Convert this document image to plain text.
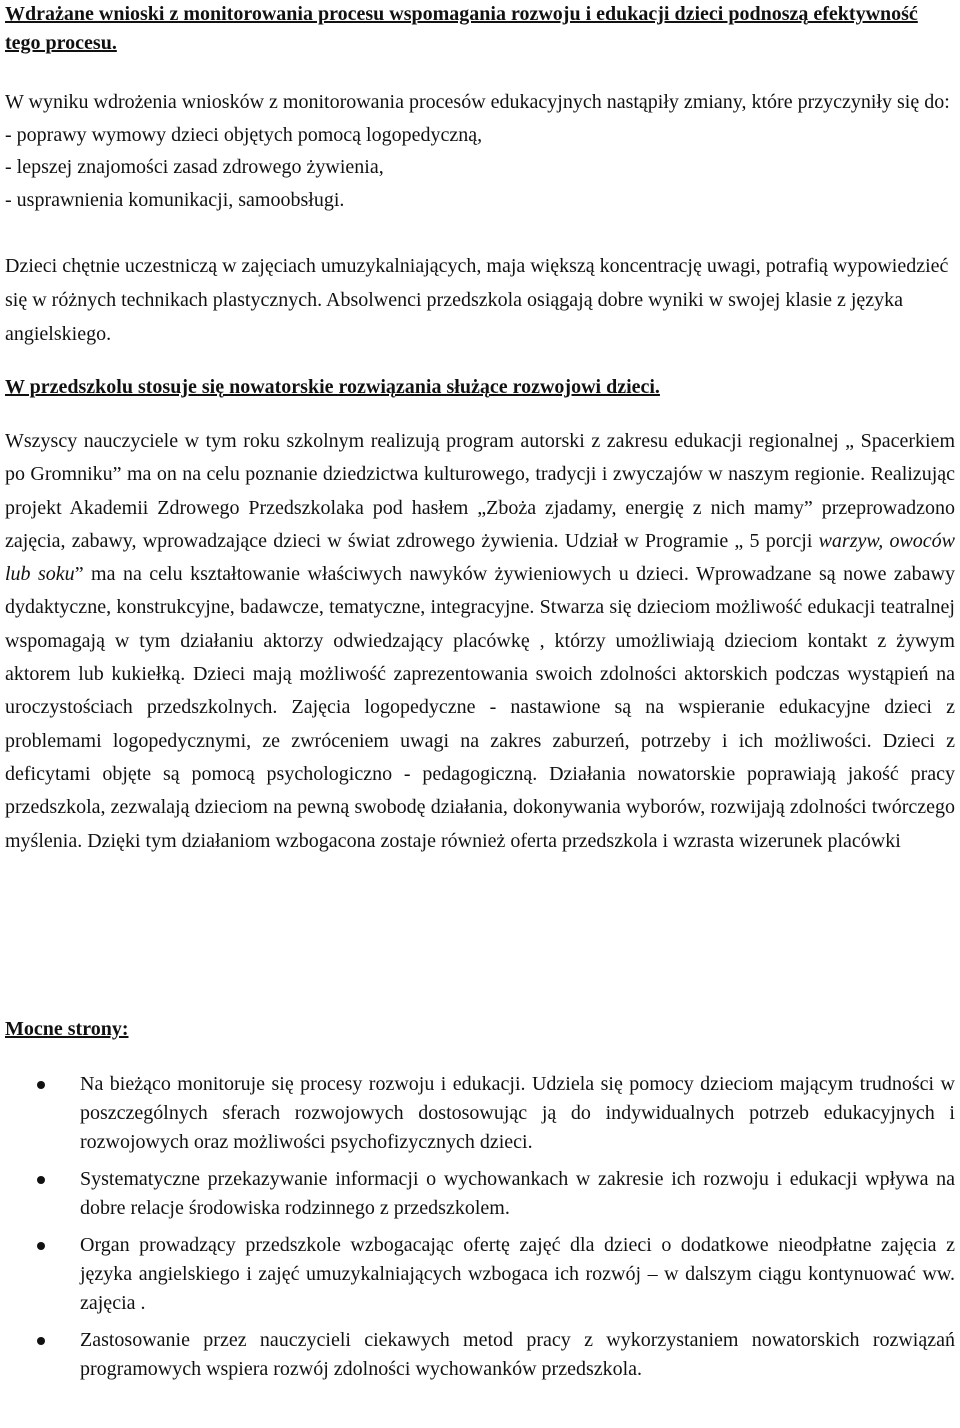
Wdrażane wnioski z monitorowania procesu wspomagania rozwoju i edukacji dzieci podnoszą efektywność tego procesu.

W wyniku wdrożenia wniosków z monitorowania procesów edukacyjnych nastąpiły zmiany, które przyczyniły się do:

- poprawy wymowy dzieci objętych pomocą logopedyczną,

- lepszej znajomości zasad zdrowego żywienia,

- usprawnienia komunikacji, samoobsługi.

Dzieci chętnie uczestniczą w zajęciach umuzykalniających, maja większą koncentrację uwagi, potrafią wypowiedzieć się w różnych technikach plastycznych. Absolwenci przedszkola osiągają dobre wyniki w swojej klasie z języka angielskiego.

W przedszkolu stosuje się nowatorskie rozwiązania służące rozwojowi dzieci.

Wszyscy nauczyciele w tym roku szkolnym realizują program autorski z zakresu edukacji regionalnej „ Spacerkiem po Gromniku” ma on na celu poznanie dziedzictwa kulturowego, tradycji i zwyczajów w naszym regionie. Realizując projekt Akademii Zdrowego Przedszkolaka pod hasłem „Zboża zjadamy, energię z nich mamy” przeprowadzono zajęcia, zabawy, wprowadzające dzieci w świat zdrowego żywienia. Udział w Programie „ 5 porcji warzyw, owoców lub soku” ma na celu kształtowanie właściwych nawyków żywieniowych u dzieci. Wprowadzane są nowe zabawy dydaktyczne, konstrukcyjne, badawcze, tematyczne, integracyjne. Stwarza się dzieciom możliwość edukacji teatralnej wspomagają w tym działaniu aktorzy odwiedzający placówkę , którzy umożliwiają dzieciom kontakt z żywym aktorem lub kukiełką. Dzieci mają możliwość zaprezentowania swoich zdolności aktorskich podczas wystąpień na uroczystościach przedszkolnych. Zajęcia logopedyczne - nastawione są na wspieranie edukacyjne dzieci z problemami logopedycznymi, ze zwróceniem uwagi na zakres zaburzeń, potrzeby i ich możliwości. Dzieci z deficytami objęte są pomocą psychologiczno - pedagogiczną. Działania nowatorskie poprawiają jakość pracy przedszkola, zezwalają dzieciom na pewną swobodę działania, dokonywania wyborów, rozwijają zdolności twórczego myślenia. Dzięki tym działaniom wzbogacona zostaje również oferta przedszkola i wzrasta wizerunek placówki

Mocne strony:

Na bieżąco monitoruje się procesy rozwoju i edukacji. Udziela się pomocy dzieciom mającym trudności w poszczególnych sferach rozwojowych dostosowując ją do indywidualnych potrzeb edukacyjnych i rozwojowych oraz możliwości psychofizycznych dzieci.
Systematyczne przekazywanie informacji o wychowankach w zakresie ich rozwoju i edukacji wpływa na dobre relacje środowiska rodzinnego z przedszkolem.
Organ prowadzący przedszkole wzbogacając ofertę zajęć dla dzieci o dodatkowe nieodpłatne zajęcia z języka angielskiego i zajęć umuzykalniających wzbogaca ich rozwój – w dalszym ciągu kontynuować ww. zajęcia .
Zastosowanie przez nauczycieli ciekawych metod pracy z wykorzystaniem nowatorskich rozwiązań programowych wspiera rozwój zdolności wychowanków przedszkola.
